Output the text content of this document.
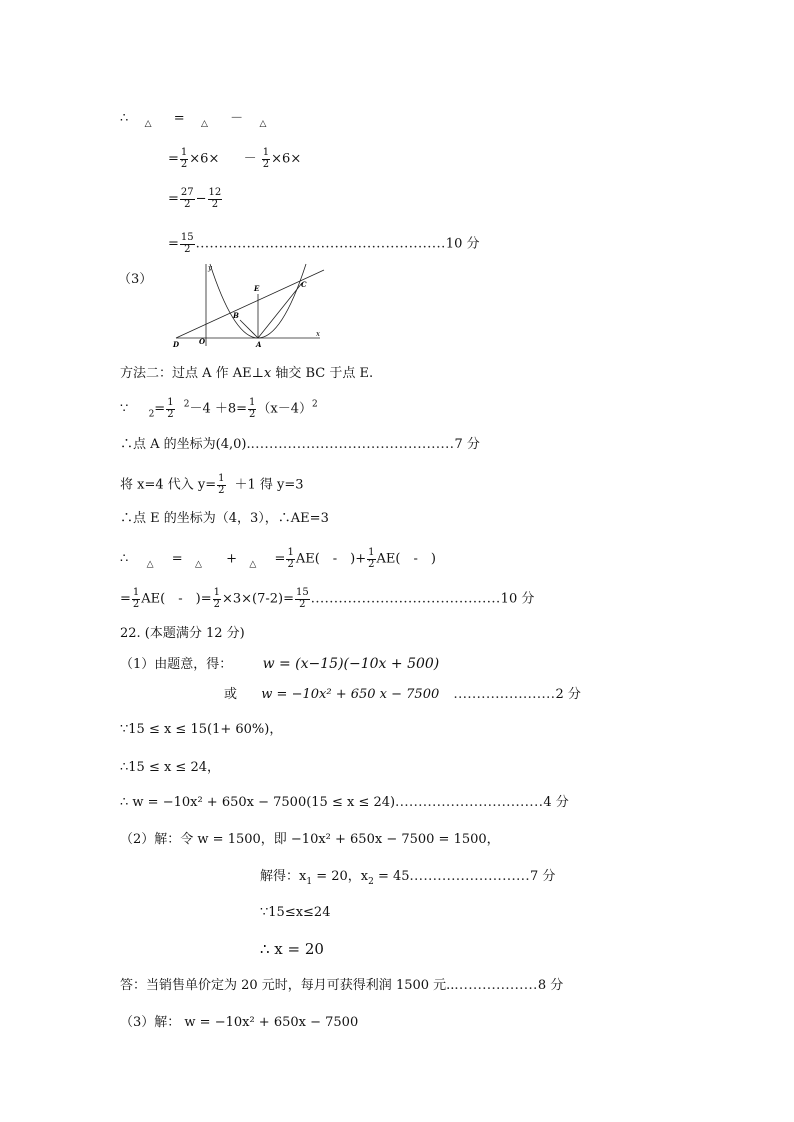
∴ $_\triangle$ = $_\triangle$ － $_\triangle$
= $\frac{1}{2} \times 6\times - \frac{1}{2} \times 6\times$
= $\frac{27}{2} - \frac{12}{2}$
= $\frac{15}{2} ......................................................10$ 分
（3）
y
x
E	C
B
D	O	A
方法二：过点 A 作 AE⊥x 轴交 BC 于点 E.
∵ $_2= \frac{1}{2} ^2-4 +8= \frac{1}{2} (x-4)^2$
∴点 A 的坐标为(4,0).............................................7 分
将 x=4 代入 $y= \frac{1}{2} +1$ 得 y=3
∴点 E 的坐标为（4，3），∴AE=3
∴ $_\triangle = _\triangle + _\triangle = \frac{1}{2} AE$(　-　)+ $\frac{1}{2} AE$(　-　)
= $\frac{1}{2} AE$(　-　)= $\frac{1}{2} \times 3\times(7-2)= \frac{15}{2} .........................................10$ 分
22. (本题满分 12 分)
（1）由题意，得： w = (x−15)(−10x + 500)
或 w = −10x² + 650 x − 7500 ......................2 分
∵15 ≤ x ≤ 15(1+ 60%)，
∴15 ≤ x ≤ 24，
∴ w = −10x² + 650x − 7500(15 ≤ x ≤ 24)................................4 分
（2）解：令 w = 1500，即 −10x² + 650x − 7500 = 1500，
解得：$x_1 = 20$，$x_2 = 45..........................7$ 分
∵15≤x≤24
∴ x = 20
答：当销售单价定为 20 元时，每月可获得利润 1500 元....................8 分
（3）解： w = −10x² + 650x − 7500
